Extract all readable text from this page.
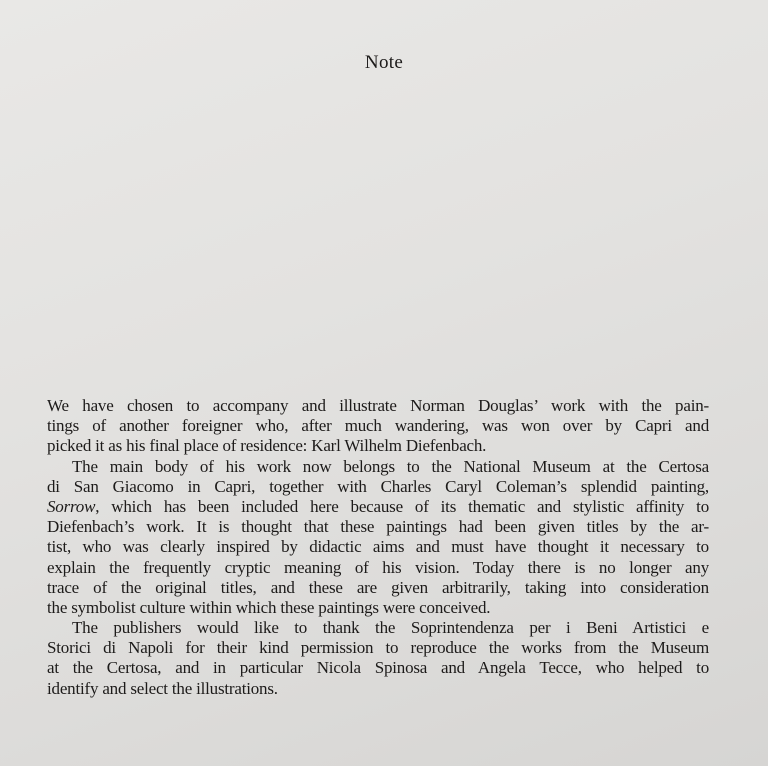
Note
We have chosen to accompany and illustrate Norman Douglas’ work with the pain-
tings of another foreigner who, after much wandering, was won over by Capri and
picked it as his final place of residence: Karl Wilhelm Diefenbach.
The main body of his work now belongs to the National Museum at the Certosa
di San Giacomo in Capri, together with Charles Caryl Coleman’s splendid painting,
Sorrow, which has been included here because of its thematic and stylistic affinity to
Diefenbach’s work. It is thought that these paintings had been given titles by the ar-
tist, who was clearly inspired by didactic aims and must have thought it necessary to
explain the frequently cryptic meaning of his vision. Today there is no longer any
trace of the original titles, and these are given arbitrarily, taking into consideration
the symbolist culture within which these paintings were conceived.
The publishers would like to thank the Soprintendenza per i Beni Artistici e
Storici di Napoli for their kind permission to reproduce the works from the Museum
at the Certosa, and in particular Nicola Spinosa and Angela Tecce, who helped to
identify and select the illustrations.
